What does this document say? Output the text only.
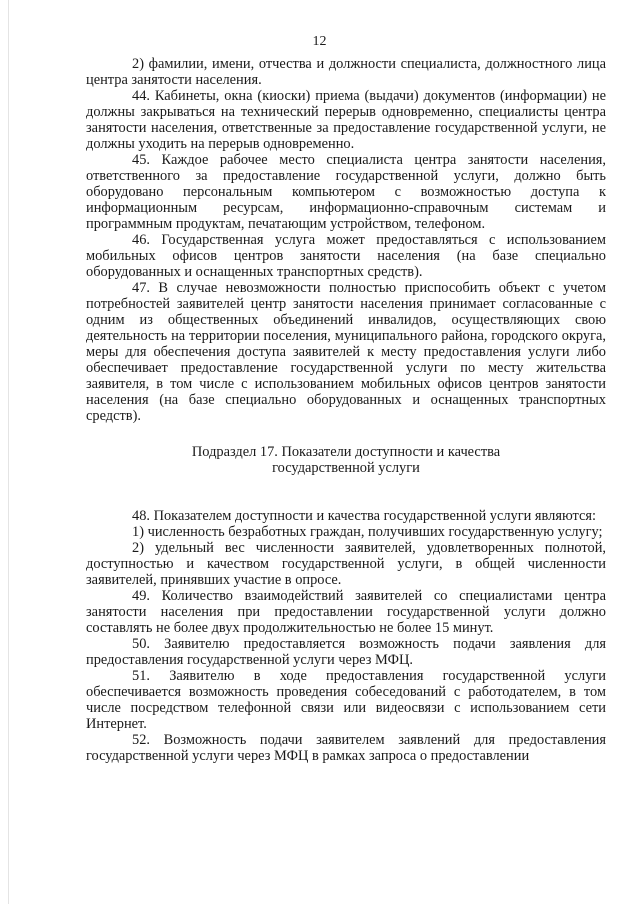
12

2) фамилии, имени, отчества и должности специалиста, должностного лица центра занятости населения.

44. Кабинеты, окна (киоски) приема (выдачи) документов (информации) не должны закрываться на технический перерыв одновременно, специалисты центра занятости населения, ответственные за предоставление государственной услуги, не должны уходить на перерыв одновременно.

45. Каждое рабочее место специалиста центра занятости населения, ответственного за предоставление государственной услуги, должно быть оборудовано персональным компьютером с возможностью доступа к информационным ресурсам, информационно-справочным системам и программным продуктам, печатающим устройством, телефоном.

46. Государственная услуга может предоставляться с использованием мобильных офисов центров занятости населения (на базе специально оборудованных и оснащенных транспортных средств).

47. В случае невозможности полностью приспособить объект с учетом потребностей заявителей центр занятости населения принимает согласованные с одним из общественных объединений инвалидов, осуществляющих свою деятельность на территории поселения, муниципального района, городского округа, меры для обеспечения доступа заявителей к месту предоставления услуги либо обеспечивает предоставление государственной услуги по месту жительства заявителя, в том числе с использованием мобильных офисов центров занятости населения (на базе специально оборудованных и оснащенных транспортных средств).

Подраздел 17. Показатели доступности и качества
государственной услуги

48. Показателем доступности и качества государственной услуги являются:

1) численность безработных граждан, получивших государственную услугу;

2) удельный вес численности заявителей, удовлетворенных полнотой, доступностью и качеством государственной услуги, в общей численности заявителей, принявших участие в опросе.

49. Количество взаимодействий заявителей со специалистами центра занятости населения при предоставлении государственной услуги должно составлять не более двух продолжительностью не более 15 минут.

50. Заявителю предоставляется возможность подачи заявления для предоставления государственной услуги через МФЦ.

51. Заявителю в ходе предоставления государственной услуги обеспечивается возможность проведения собеседований с работодателем, в том числе посредством телефонной связи или видеосвязи с использованием сети Интернет.

52. Возможность подачи заявителем заявлений для предоставления государственной услуги через МФЦ в рамках запроса о предоставлении
